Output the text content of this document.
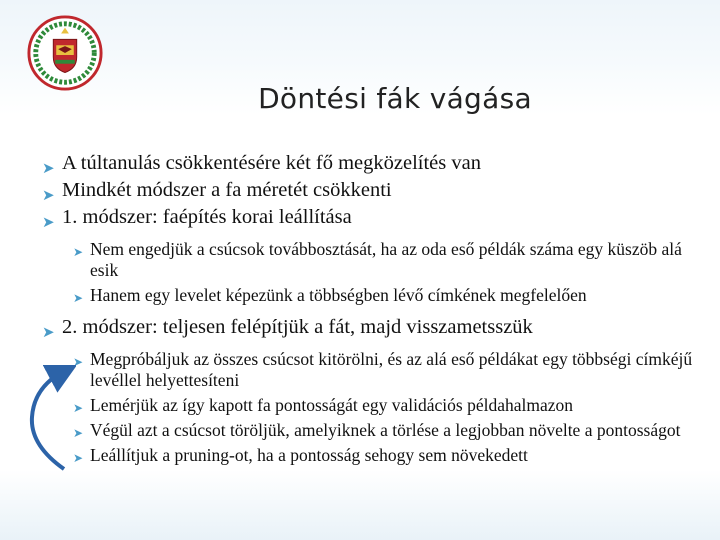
Döntési fák vágása
➤ A túltanulás csökkentésére két fő megközelítés van
➤ Mindkét módszer a fa méretét csökkenti
➤ 1. módszer: faépítés korai leállítása
➤ Nem engedjük a csúcsok továbbosztását, ha az oda eső példák száma egy küszöb alá esik
➤ Hanem egy levelet képezünk a többségben lévő címkének megfelelően
➤ 2. módszer: teljesen felépítjük a fát, majd visszametsszük
➤ Megpróbáljuk az összes csúcsot kitörölni, és az alá eső példákat egy többségi címkéjű levéllel helyettesíteni
➤ Lemérjük az így kapott fa pontosságát egy validációs példahalmazon
➤ Végül azt a csúcsot töröljük, amelyiknek a törlése a legjobban növelte a pontosságot
➤ Leállítjuk a pruning-ot, ha a pontosság sehogy sem növekedett
